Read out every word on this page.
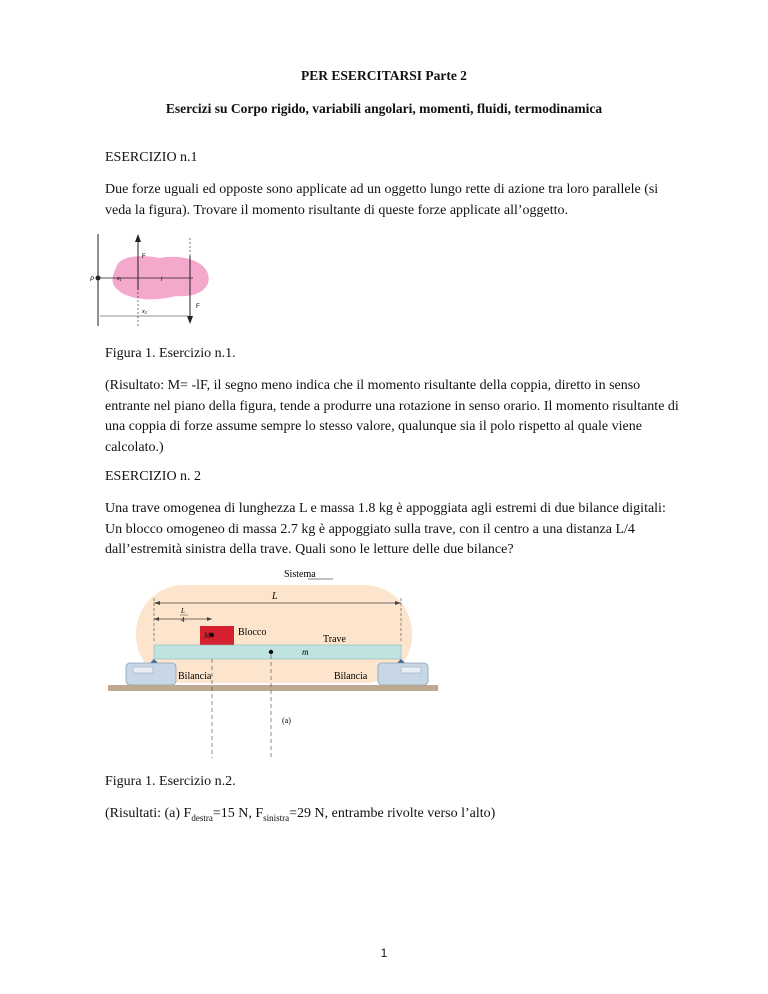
PER ESERCITARSI Parte 2
Esercizi su Corpo rigido, variabili angolari, momenti, fluidi, termodinamica
ESERCIZIO n.1
Due forze uguali ed opposte sono applicate ad un oggetto lungo rette di azione tra loro parallele (si veda la figura). Trovare il momento risultante di queste forze applicate all’oggetto.
F
P	x₁	l
F
x₂
Figura 1. Esercizio n.1.
(Risultato: M= -lF, il segno meno indica che il momento risultante della coppia, diretto in senso entrante nel piano della figura, tende a produrre una rotazione in senso orario. Il momento risultante di una coppia di forze assume sempre lo stesso valore, qualunque sia il polo rispetto al quale viene calcolato.)
ESERCIZIO n. 2
Una trave omogenea di lunghezza L e massa 1.8 kg è appoggiata agli estremi di due bilance digitali: Un blocco omogeneo di massa 2.7 kg è appoggiato sulla trave, con il centro a una distanza L/4 dall’estremità sinistra della trave. Quali sono le letture delle due bilance?
Sistema
L
L
4
M	Blocco
Trave
m
Bilancia	Bilancia
(a)
Figura 1. Esercizio n.2.
(Risultati: (a) $F_{destra}=15$ N, $F_{sinistra}=29$ N, entrambe rivolte verso l’alto)
1
